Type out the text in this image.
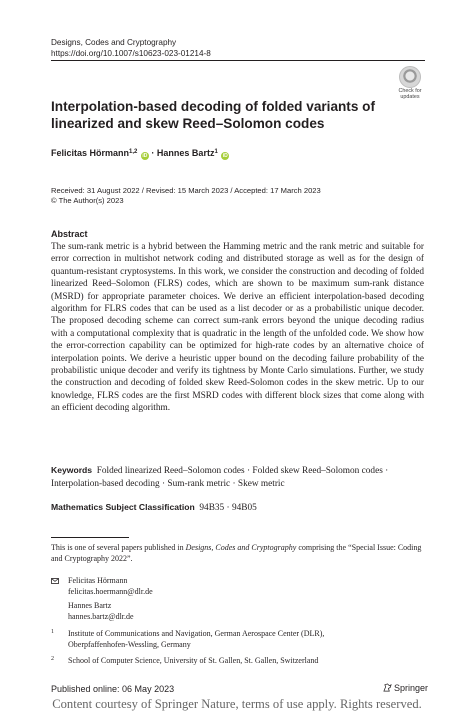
Designs, Codes and Cryptography
https://doi.org/10.1007/s10623-023-01214-8
Check for
updates
Interpolation-based decoding of folded variants of linearized and skew Reed–Solomon codes
Felicitas Hörmann$^{1,2}$ iD · Hannes Bartz$^1$ iD
Received: 31 August 2022 / Revised: 15 March 2023 / Accepted: 17 March 2023
© The Author(s) 2023
Abstract
The sum-rank metric is a hybrid between the Hamming metric and the rank metric and suitable for error correction in multishot network coding and distributed storage as well as for the design of quantum-resistant cryptosystems. In this work, we consider the construction and decoding of folded linearized Reed–Solomon (FLRS) codes, which are shown to be maximum sum-rank distance (MSRD) for appropriate parameter choices. We derive an efficient interpolation-based decoding algorithm for FLRS codes that can be used as a list decoder or as a probabilistic unique decoder. The proposed decoding scheme can correct sum-rank errors beyond the unique decoding radius with a computational complexity that is quadratic in the length of the unfolded code. We show how the error-correction capability can be optimized for high-rate codes by an alternative choice of interpolation points. We derive a heuristic upper bound on the decoding failure probability of the probabilistic unique decoder and verify its tightness by Monte Carlo simulations. Further, we study the construction and decoding of folded skew Reed-Solomon codes in the skew metric. Up to our knowledge, FLRS codes are the first MSRD codes with different block sizes that come along with an efficient decoding algorithm.
Keywords Folded linearized Reed–Solomon codes · Folded skew Reed–Solomon codes · Interpolation-based decoding · Sum-rank metric · Skew metric
Mathematics Subject Classification 94B35 · 94B05
This is one of several papers published in Designs, Codes and Cryptography comprising the “Special Issue: Coding and Cryptography 2022”.
Felicitas Hörmann
felicitas.hoermann@dlr.de
Hannes Bartz
hannes.bartz@dlr.de
1 Institute of Communications and Navigation, German Aerospace Center (DLR),
Oberpfaffenhofen-Wessling, Germany
2 School of Computer Science, University of St. Gallen, St. Gallen, Switzerland
Published online: 06 May 2023	Springer
Content courtesy of Springer Nature, terms of use apply. Rights reserved.
